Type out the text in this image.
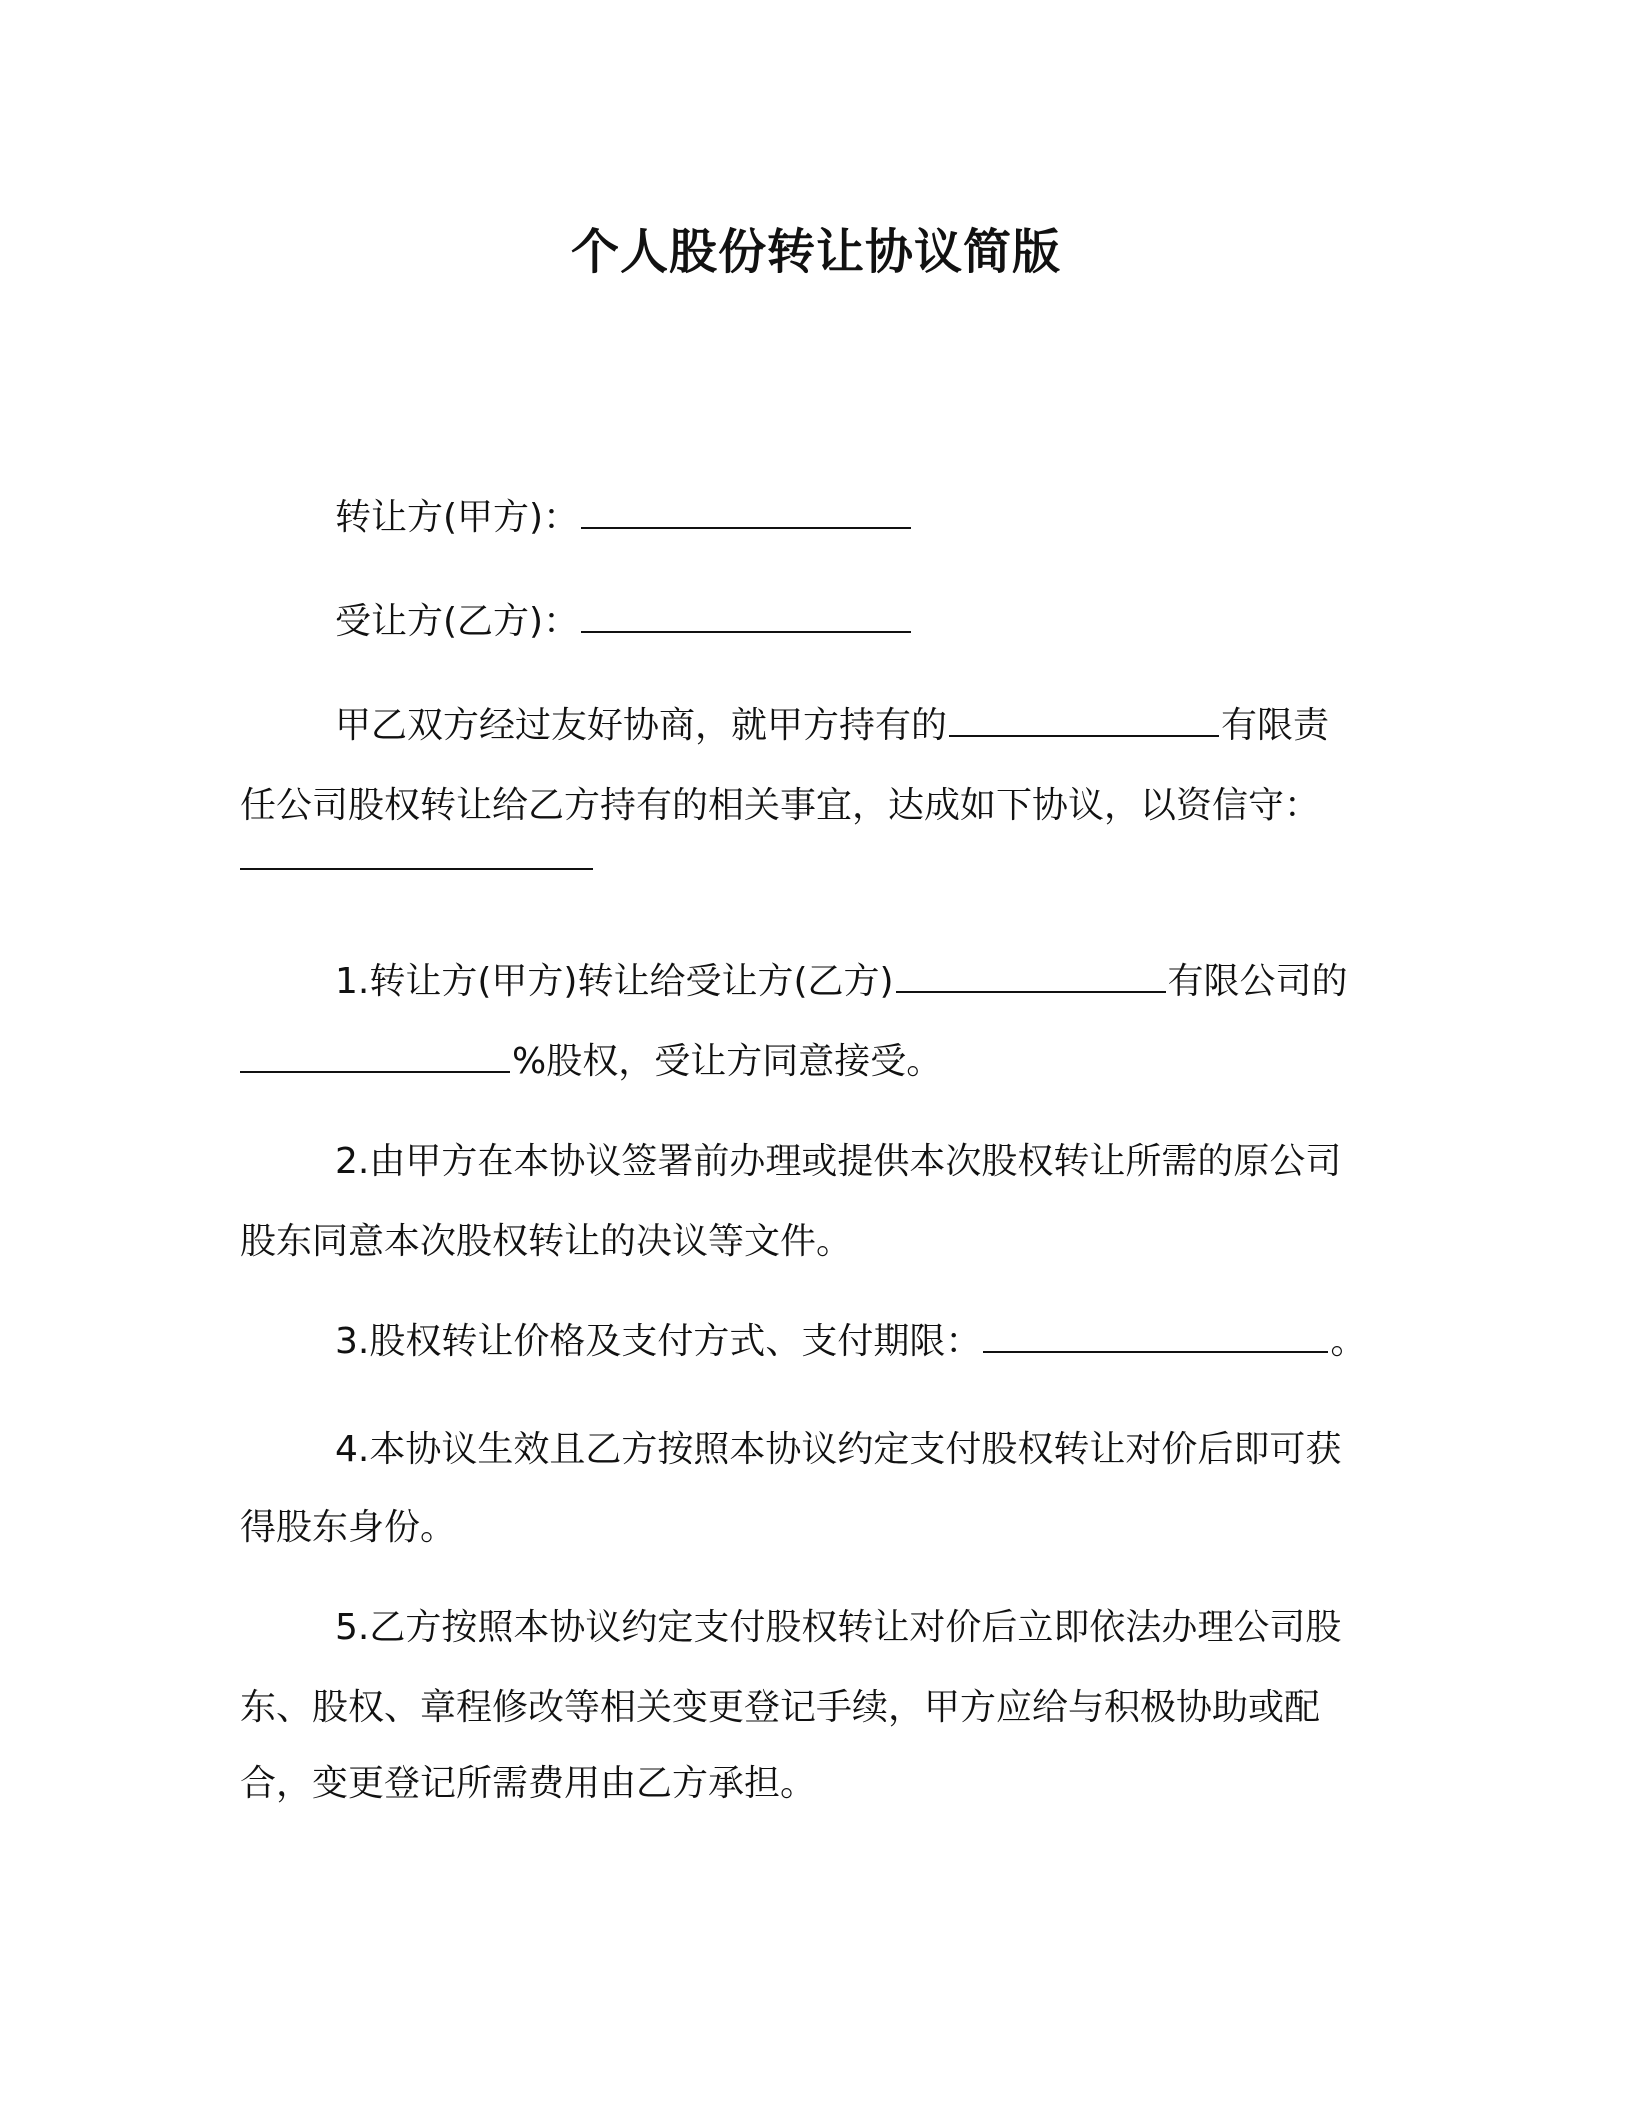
个人股份转让协议简版
转让方(甲方)：
受让方(乙方)：
甲乙双方经过友好协商，就甲方持有的	有限责
任公司股权转让给乙方持有的相关事宜，达成如下协议，以资信守：
1.转让方(甲方)转让给受让方(乙方)	有限公司的
%股权，受让方同意接受。
2.由甲方在本协议签署前办理或提供本次股权转让所需的原公司
股东同意本次股权转让的决议等文件。
3.股权转让价格及支付方式、支付期限：	。
4.本协议生效且乙方按照本协议约定支付股权转让对价后即可获
得股东身份。
5.乙方按照本协议约定支付股权转让对价后立即依法办理公司股
东、股权、章程修改等相关变更登记手续，甲方应给与积极协助或配
合，变更登记所需费用由乙方承担。
